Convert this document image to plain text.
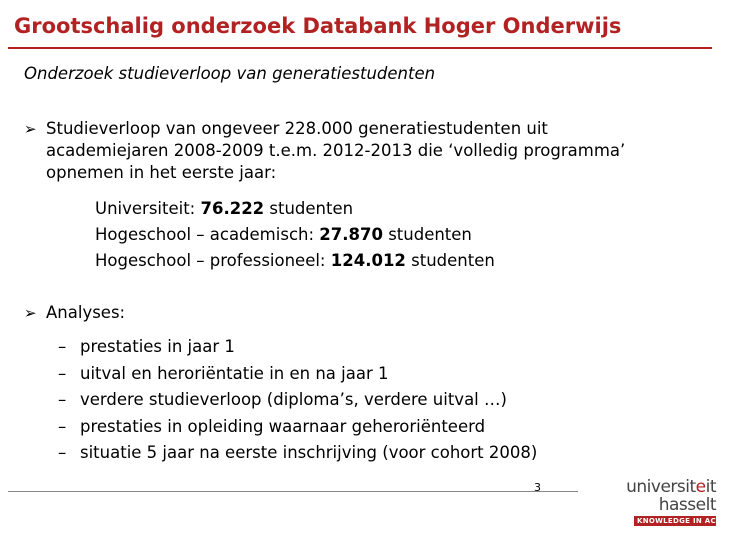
Grootschalig onderzoek Databank Hoger Onderwijs
Onderzoek studieverloop van generatiestudenten
➢ Studieverloop van ongeveer 228.000 generatiestudenten uit
academiejaren 2008-2009 t.e.m. 2012-2013 die ‘volledig programma’
opnemen in het eerste jaar:
Universiteit: 76.222 studenten
Hogeschool – academisch: 27.870 studenten
Hogeschool – professioneel: 124.012 studenten
➢ Analyses:
– prestaties in jaar 1
– uitval en heroriëntatie in en na jaar 1
– verdere studieverloop (diploma’s, verdere uitval …)
– prestaties in opleiding waarnaar geheroriënteerd
– situatie 5 jaar na eerste inschrijving (voor cohort 2008)
3	universiteit
hasselt
KNOWLEDGE IN ACTION
